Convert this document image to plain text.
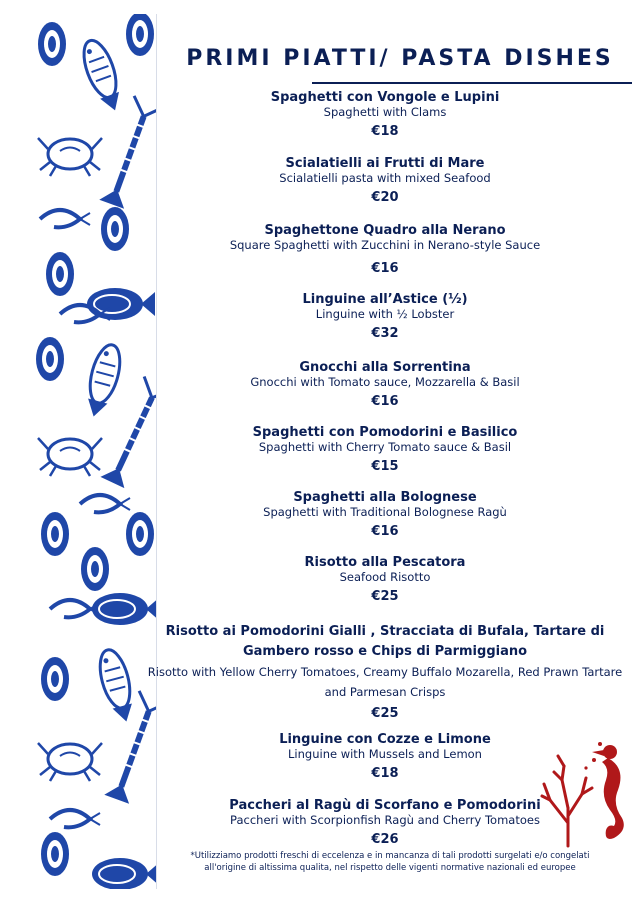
PRIMI PIATTI/ PASTA DISHES
Spaghetti con Vongole e Lupini
Spaghetti with Clams
€18
Scialatielli ai Frutti di Mare
Scialatielli pasta with mixed Seafood
€20
Spaghettone Quadro alla Nerano
Square Spaghetti with Zucchini in Nerano-style Sauce
€16
Linguine all’Astice (½)
Linguine with ½ Lobster
€32
Gnocchi alla Sorrentina
Gnocchi with Tomato sauce, Mozzarella & Basil
€16
Spaghetti con Pomodorini e Basilico
Spaghetti with Cherry Tomato sauce & Basil
€15
Spaghetti alla Bolognese
Spaghetti with Traditional Bolognese Ragù
€16
Risotto alla Pescatora
Seafood Risotto
€25
Risotto ai Pomodorini Gialli , Stracciata di Bufala, Tartare di Gambero rosso e Chips di Parmiggiano
Risotto with Yellow Cherry Tomatoes, Creamy Buffalo Mozarella, Red Prawn Tartare and Parmesan Crisps
€25
Linguine con Cozze e Limone
Linguine with Mussels and Lemon
€18
Paccheri al Ragù di Scorfano e Pomodorini
Paccheri with Scorpionfish Ragù and Cherry Tomatoes
€26
*Utilizziamo prodotti freschi di eccelenza e in mancanza di tali prodotti surgelati e/o congelati
all'origine di altissima qualita, nel rispetto delle vigenti normative nazionali ed europee
